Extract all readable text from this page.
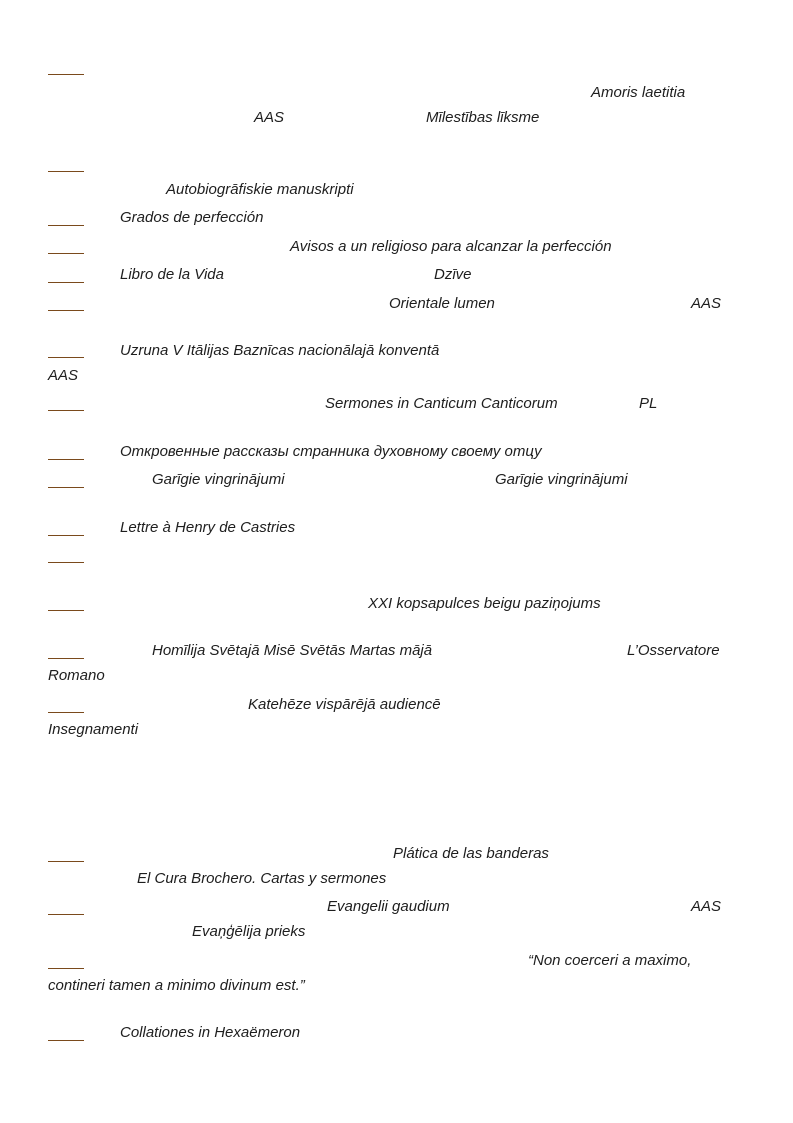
Amoris laetitia
AAS	Mīlestības līksme
Autobiogrāfiskie manuskripti
Grados de perfección
Avisos a un religioso para alcanzar la perfección
Libro de la Vida	Dzīve
Orientale lumen	AAS
Uzruna V Itālijas Baznīcas nacionālajā konventā
AAS
Sermones in Canticum Canticorum	PL
Откровенные рассказы странника духовному своему отцу
Garīgie vingrinājumi	Garīgie vingrinājumi
Lettre à Henry de Castries
XXI kopsapulces beigu paziņojums
Homīlija Svētajā Misē Svētās Martas mājā	L’Osservatore
Romano
Katehēze vispārējā audiencē
Insegnamenti
Plática de las banderas
El Cura Brochero. Cartas y sermones
Evangelii gaudium	AAS
Evaņģēlija prieks
“Non coerceri a maximo,
contineri tamen a minimo divinum est.”
Collationes in Hexaëmeron
